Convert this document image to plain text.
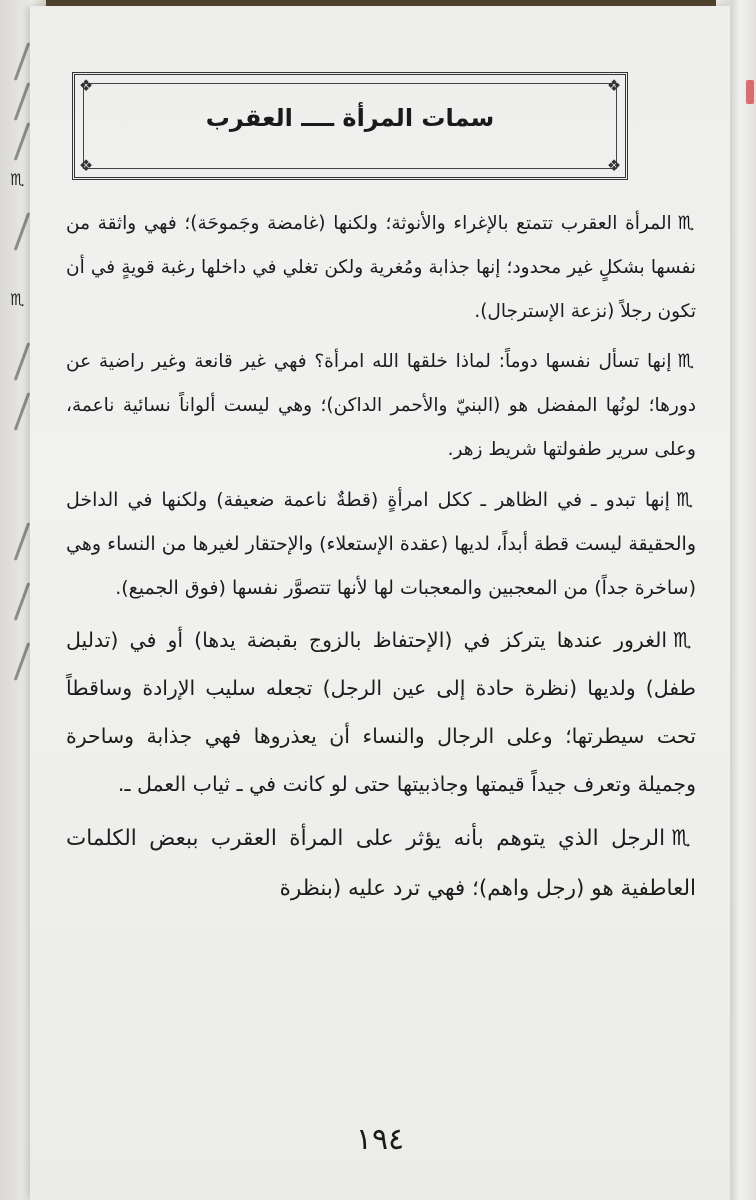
♏
♏
❖	❖
❖	❖
سمات المرأة ــــ العقرب

♏المرأة العقرب تتمتع بالإغراء والأنوثة؛ ولكنها (غامضة وجَموحَة)؛ فهي واثقة من نفسها بشكلٍ غير محدود؛ إنها جذابة ومُغرية ولكن تغلي في داخلها رغبة قويةٍ في أن تكون رجلاً (نزعة الإسترجال).

♏إنها تسأل نفسها دوماً: لماذا خلقها الله امرأة؟ فهي غير قانعة وغير راضية عن دورها؛ لونُها المفضل هو (البنيّ والأحمر الداكن)؛ وهي ليست ألواناً نسائية ناعمة، وعلى سرير طفولتها شريط زهر.

♏إنها تبدو ـ في الظاهر ـ ككل امرأةٍ (قطةٌ ناعمة ضعيفة) ولكنها في الداخل والحقيقة ليست قطة أبداً، لديها (عقدة الإستعلاء) والإحتقار لغيرها من النساء وهي (ساخرة جداً) من المعجبين والمعجبات لها لأنها تتصوَّر نفسها (فوق الجميع).

♏الغرور عندها يتركز في (الإحتفاظ بالزوج بقبضة يدها) أو في (تدليل طفل) ولديها (نظرة حادة إلى عين الرجل) تجعله سليب الإرادة وساقطاً تحت سيطرتها؛ وعلى الرجال والنساء أن يعذروها فهي جذابة وساحرة وجميلة وتعرف جيداً قيمتها وجاذبيتها حتى لو كانت في ـ ثياب العمل ـ.

♏الرجل الذي يتوهم بأنه يؤثر على المرأة العقرب ببعض الكلمات العاطفية هو (رجل واهم)؛ فهي ترد عليه (بنظرة

١٩٤
